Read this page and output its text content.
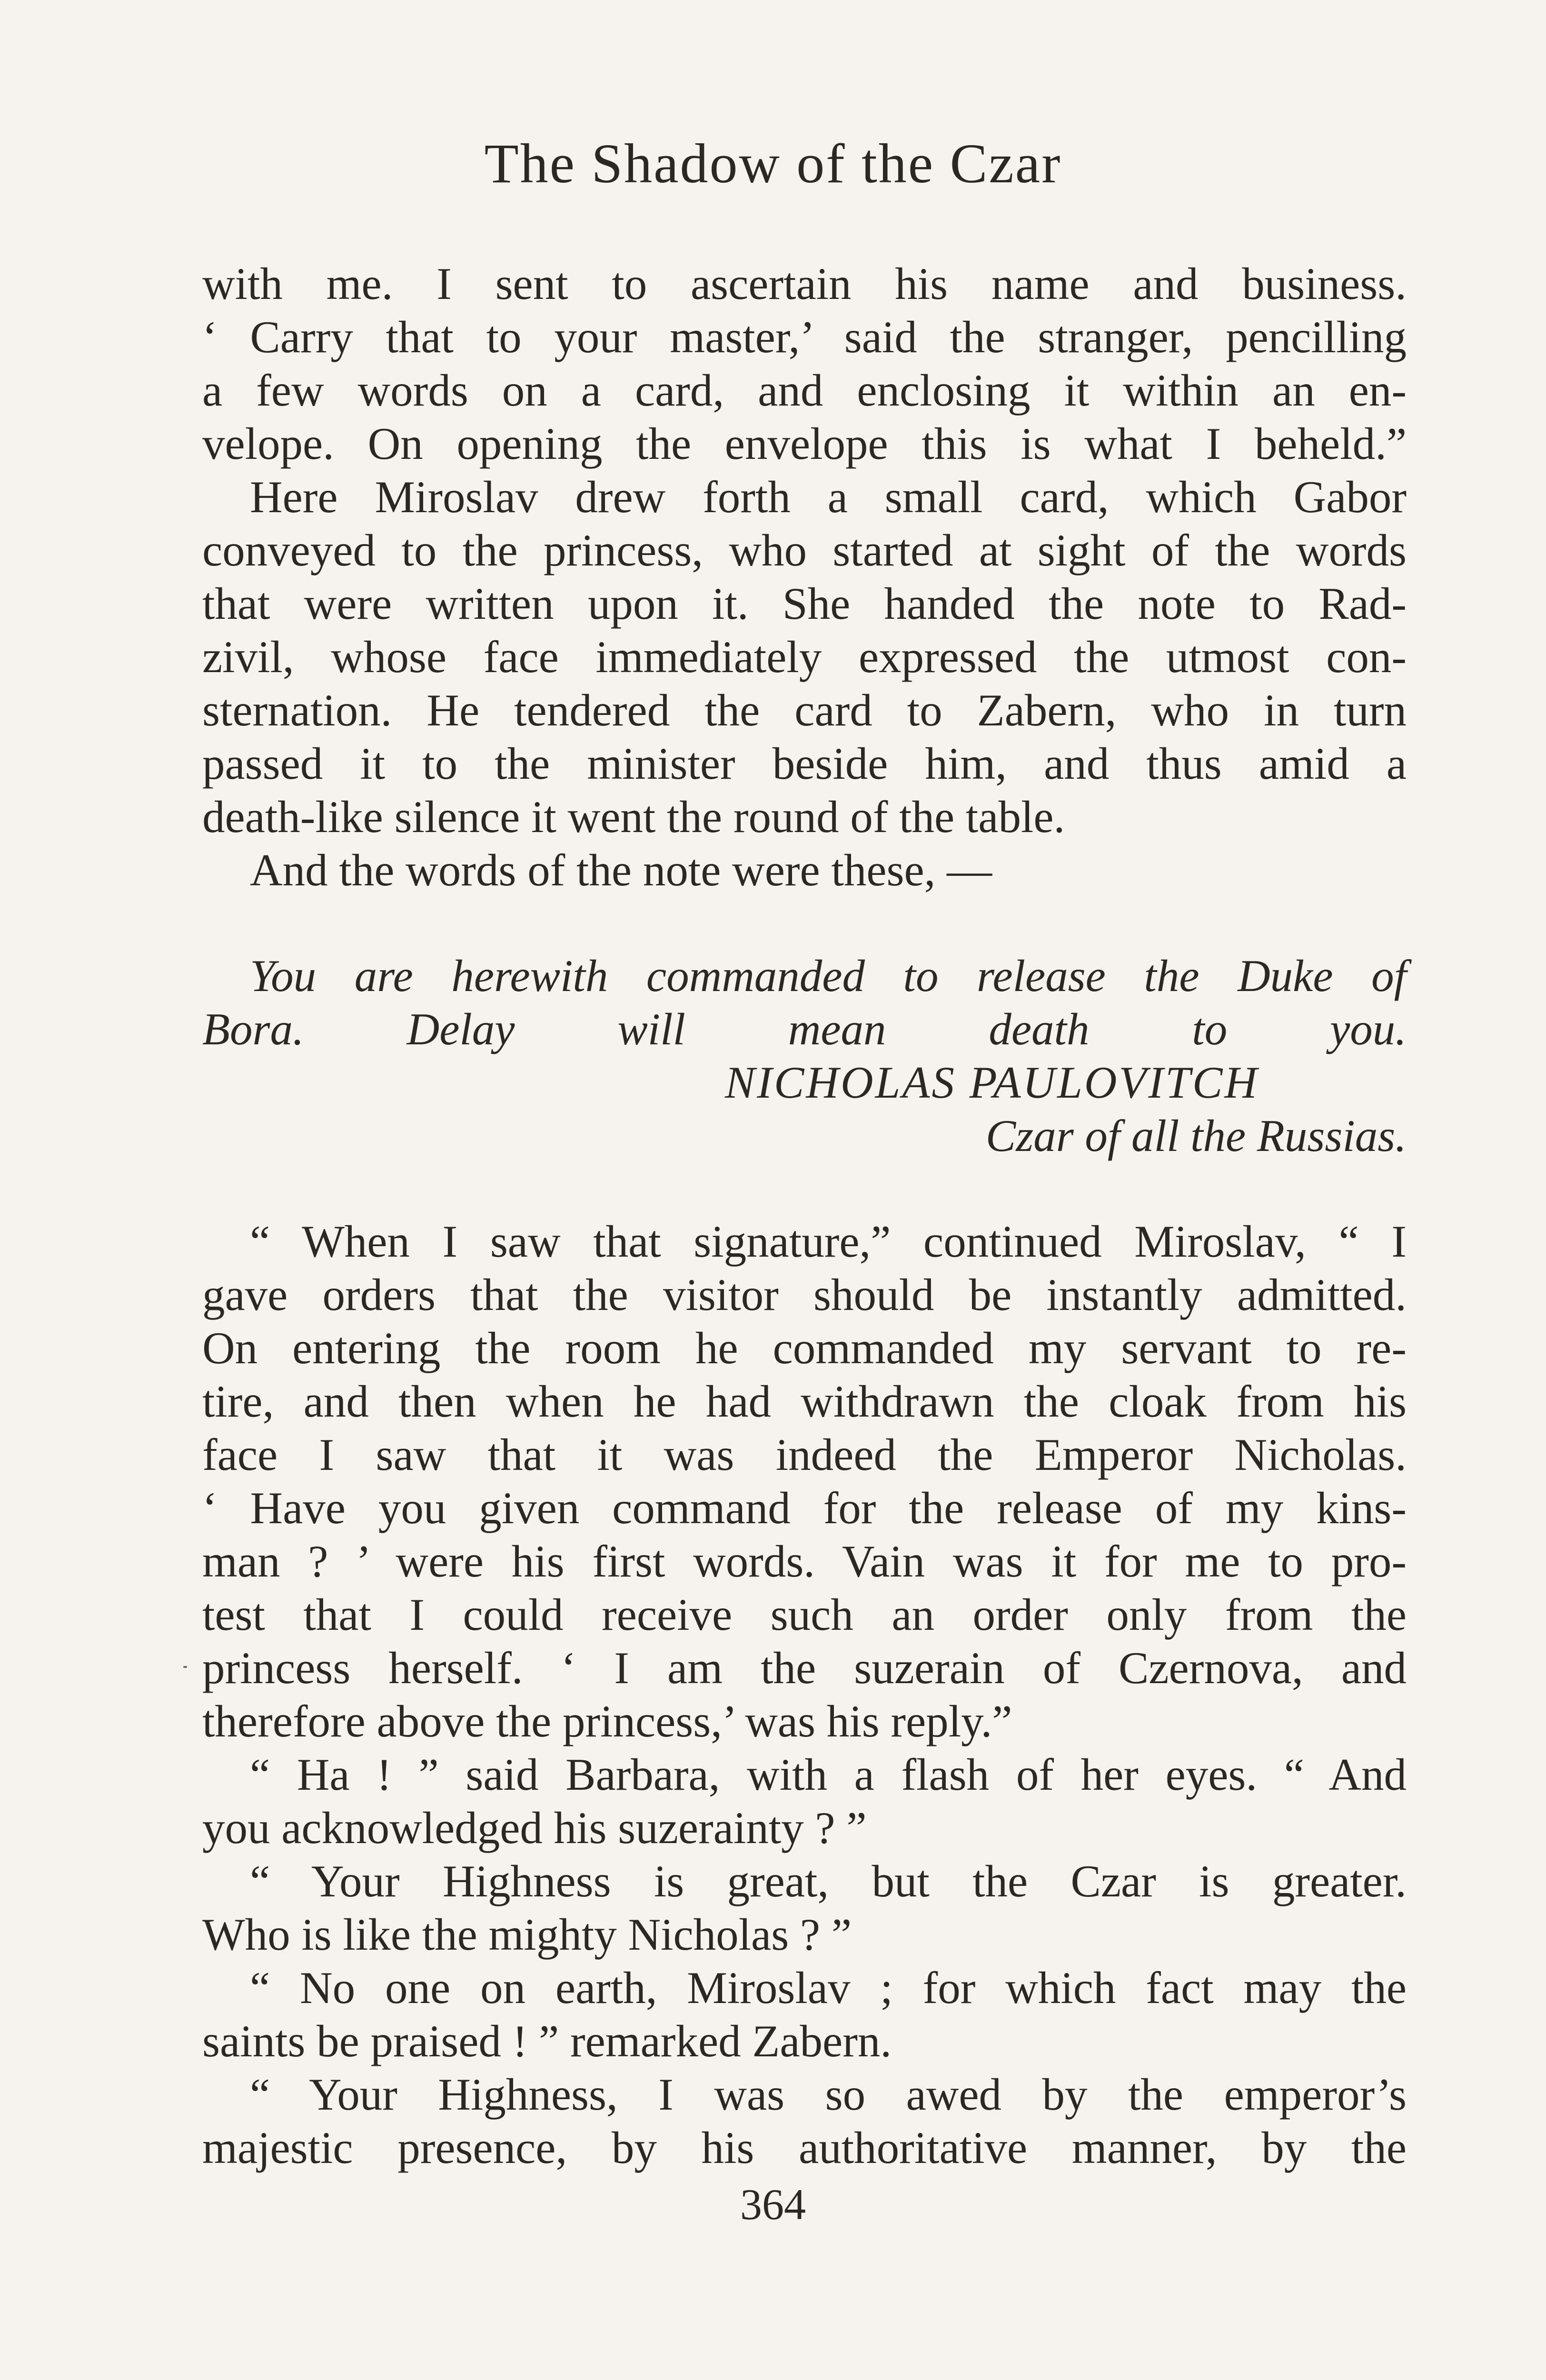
The Shadow of the Czar
with me. I sent to ascertain his name and business.
‘ Carry that to your master,’ said the stranger, pencilling
a few words on a card, and enclosing it within an en-
velope. On opening the envelope this is what I beheld.”
Here Miroslav drew forth a small card, which Gabor
conveyed to the princess, who started at sight of the words
that were written upon it. She handed the note to Rad-
zivil, whose face immediately expressed the utmost con-
sternation. He tendered the card to Zabern, who in turn
passed it to the minister beside him, and thus amid a
death-like silence it went the round of the table.
And the words of the note were these, —
You are herewith commanded to release the Duke of
Bora. Delay will mean death to you.
NICHOLAS PAULOVITCH
Czar of all the Russias.
“ When I saw that signature,” continued Miroslav, “ I
gave orders that the visitor should be instantly admitted.
On entering the room he commanded my servant to re-
tire, and then when he had withdrawn the cloak from his
face I saw that it was indeed the Emperor Nicholas.
‘ Have you given command for the release of my kins-
man ? ’ were his first words. Vain was it for me to pro-
test that I could receive such an order only from the
princess herself. ‘ I am the suzerain of Czernova, and
therefore above the princess,’ was his reply.”
“ Ha ! ” said Barbara, with a flash of her eyes. “ And
you acknowledged his suzerainty ? ”
“ Your Highness is great, but the Czar is greater.
Who is like the mighty Nicholas ? ”
“ No one on earth, Miroslav ; for which fact may the
saints be praised ! ” remarked Zabern.
“ Your Highness, I was so awed by the emperor’s
majestic presence, by his authoritative manner, by the
364
